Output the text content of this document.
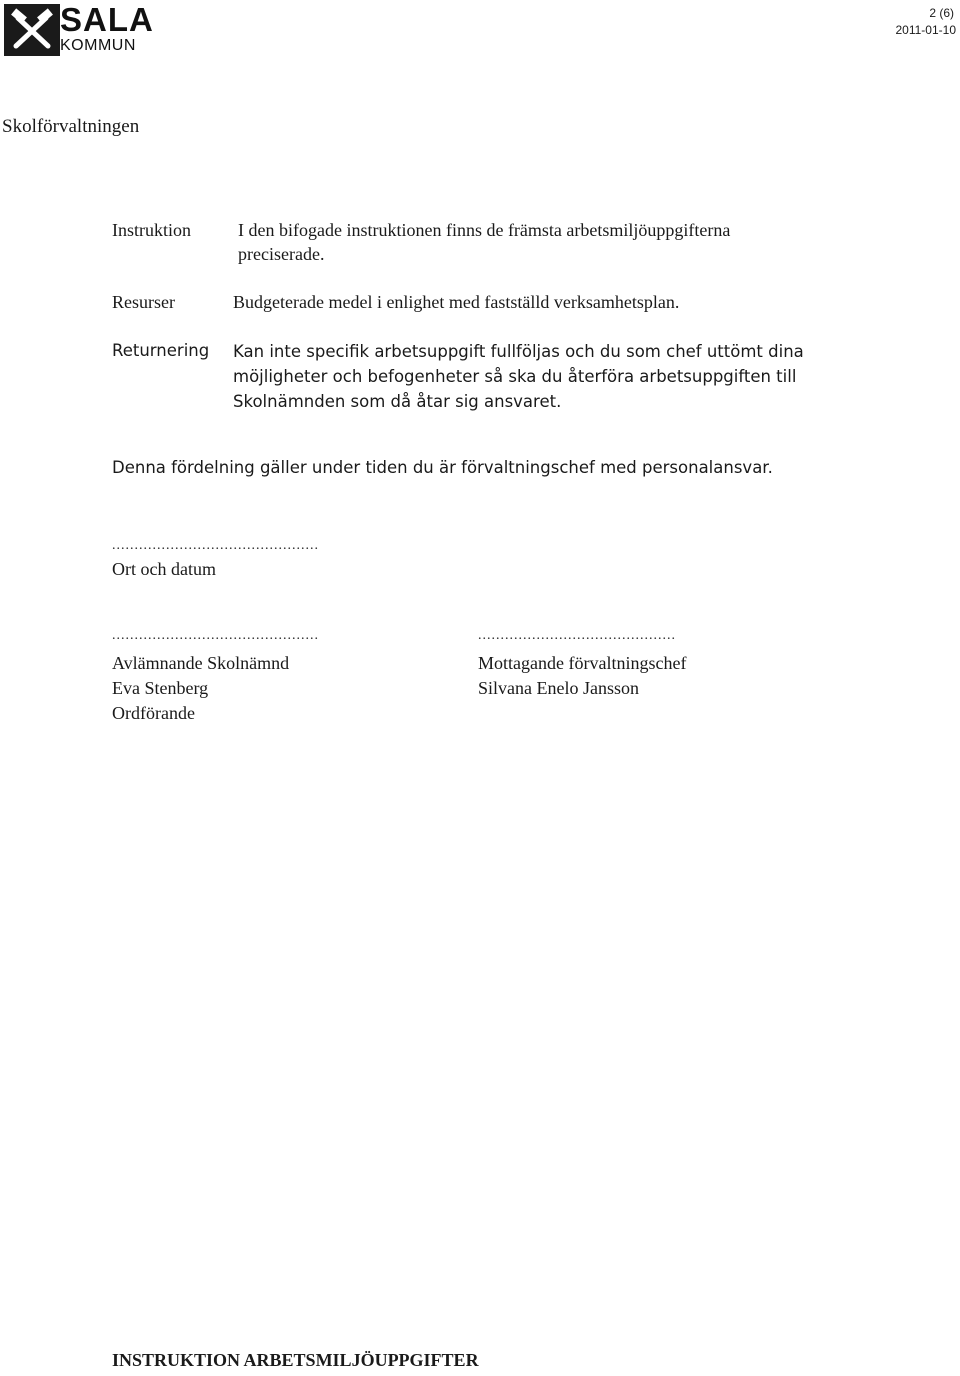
SALA
KOMMUN
2 (6)
2011-01-10
Skolförvaltningen
Instruktion	I den bifogade instruktionen finns de främsta arbetsmiljöuppgifterna
preciserade.
Resurser	Budgeterade medel i enlighet med fastställd verksamhetsplan.
Returnering Kan inte specifik arbetsuppgift fullföljas och du som chef uttömt dina
möjligheter och befogenheter så ska du återföra arbetsuppgiften till
Skolnämnden som då åtar sig ansvaret.
Denna fördelning gäller under tiden du är förvaltningschef med personalansvar.
..............................................
Ort och datum
..............................................
Avlämnande Skolnämnd
Eva Stenberg
Ordförande
............................................
Mottagande förvaltningschef
Silvana Enelo Jansson
INSTRUKTION ARBETSMILJÖUPPGIFTER
